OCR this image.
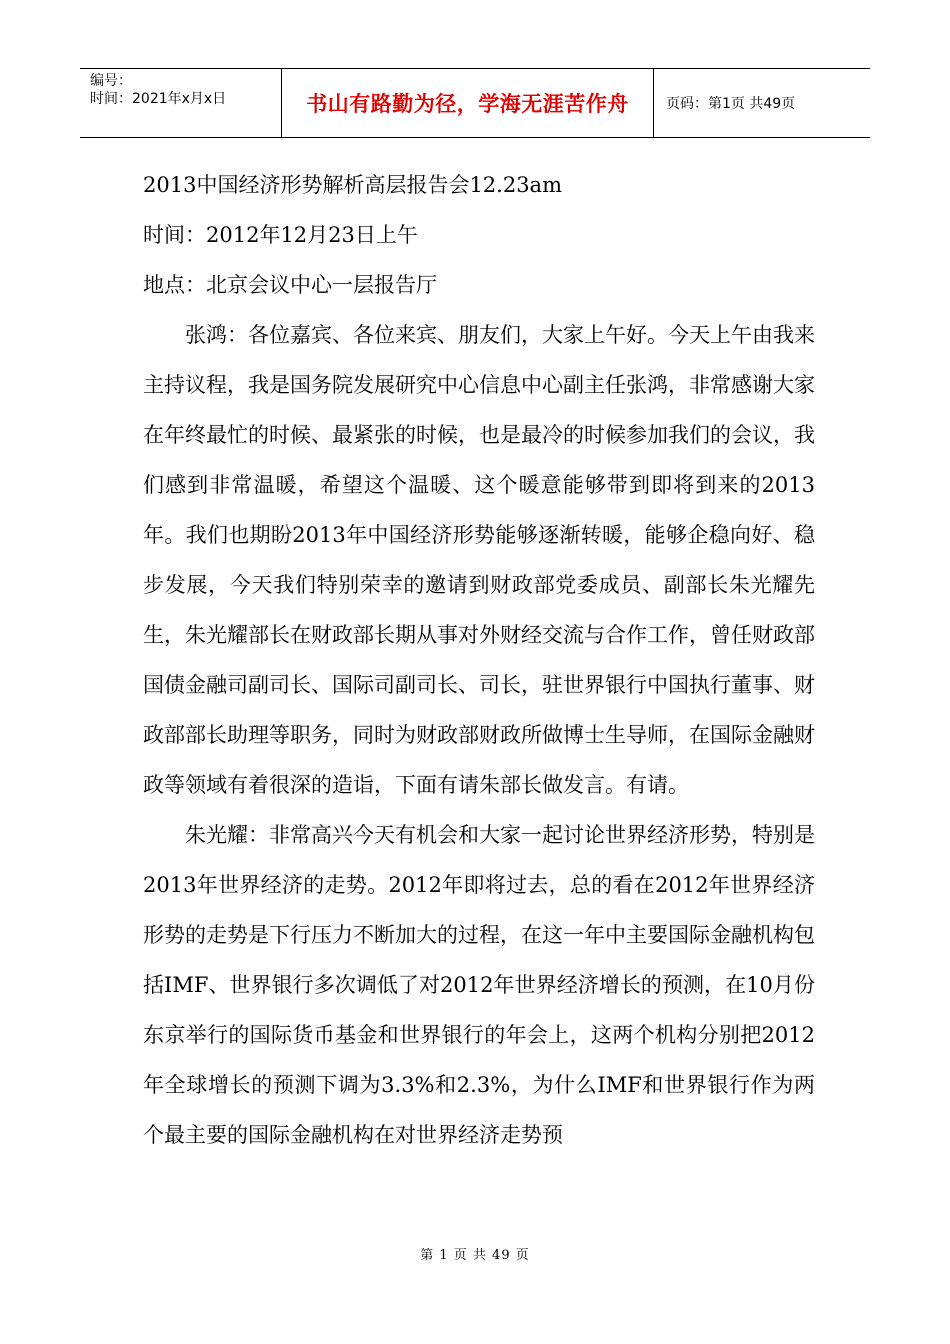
编号：
时间：2021年x月x日	书山有路勤为径，学海无涯苦作舟	页码：第1页 共49页

2013中国经济形势解析高层报告会12.23am

时间：2012年12月23日上午

地点：北京会议中心一层报告厅

张鸿：各位嘉宾、各位来宾、朋友们，大家上午好。今天上午由我来主持议程，我是国务院发展研究中心信息中心副主任张鸿，非常感谢大家在年终最忙的时候、最紧张的时候，也是最冷的时候参加我们的会议，我们感到非常温暖，希望这个温暖、这个暖意能够带到即将到来的2013年。我们也期盼2013年中国经济形势能够逐渐转暖，能够企稳向好、稳步发展，今天我们特别荣幸的邀请到财政部党委成员、副部长朱光耀先生，朱光耀部长在财政部长期从事对外财经交流与合作工作，曾任财政部国债金融司副司长、国际司副司长、司长，驻世界银行中国执行董事、财政部部长助理等职务，同时为财政部财政所做博士生导师，在国际金融财政等领域有着很深的造诣，下面有请朱部长做发言。有请。

朱光耀：非常高兴今天有机会和大家一起讨论世界经济形势，特别是2013年世界经济的走势。2012年即将过去，总的看在2012年世界经济形势的走势是下行压力不断加大的过程，在这一年中主要国际金融机构包括IMF、世界银行多次调低了对2012年世界经济增长的预测，在10月份东京举行的国际货币基金和世界银行的年会上，这两个机构分别把2012年全球增长的预测下调为3.3%和2.3%，为什么IMF和世界银行作为两个最主要的国际金融机构在对世界经济走势预

第 1 页 共 49 页
